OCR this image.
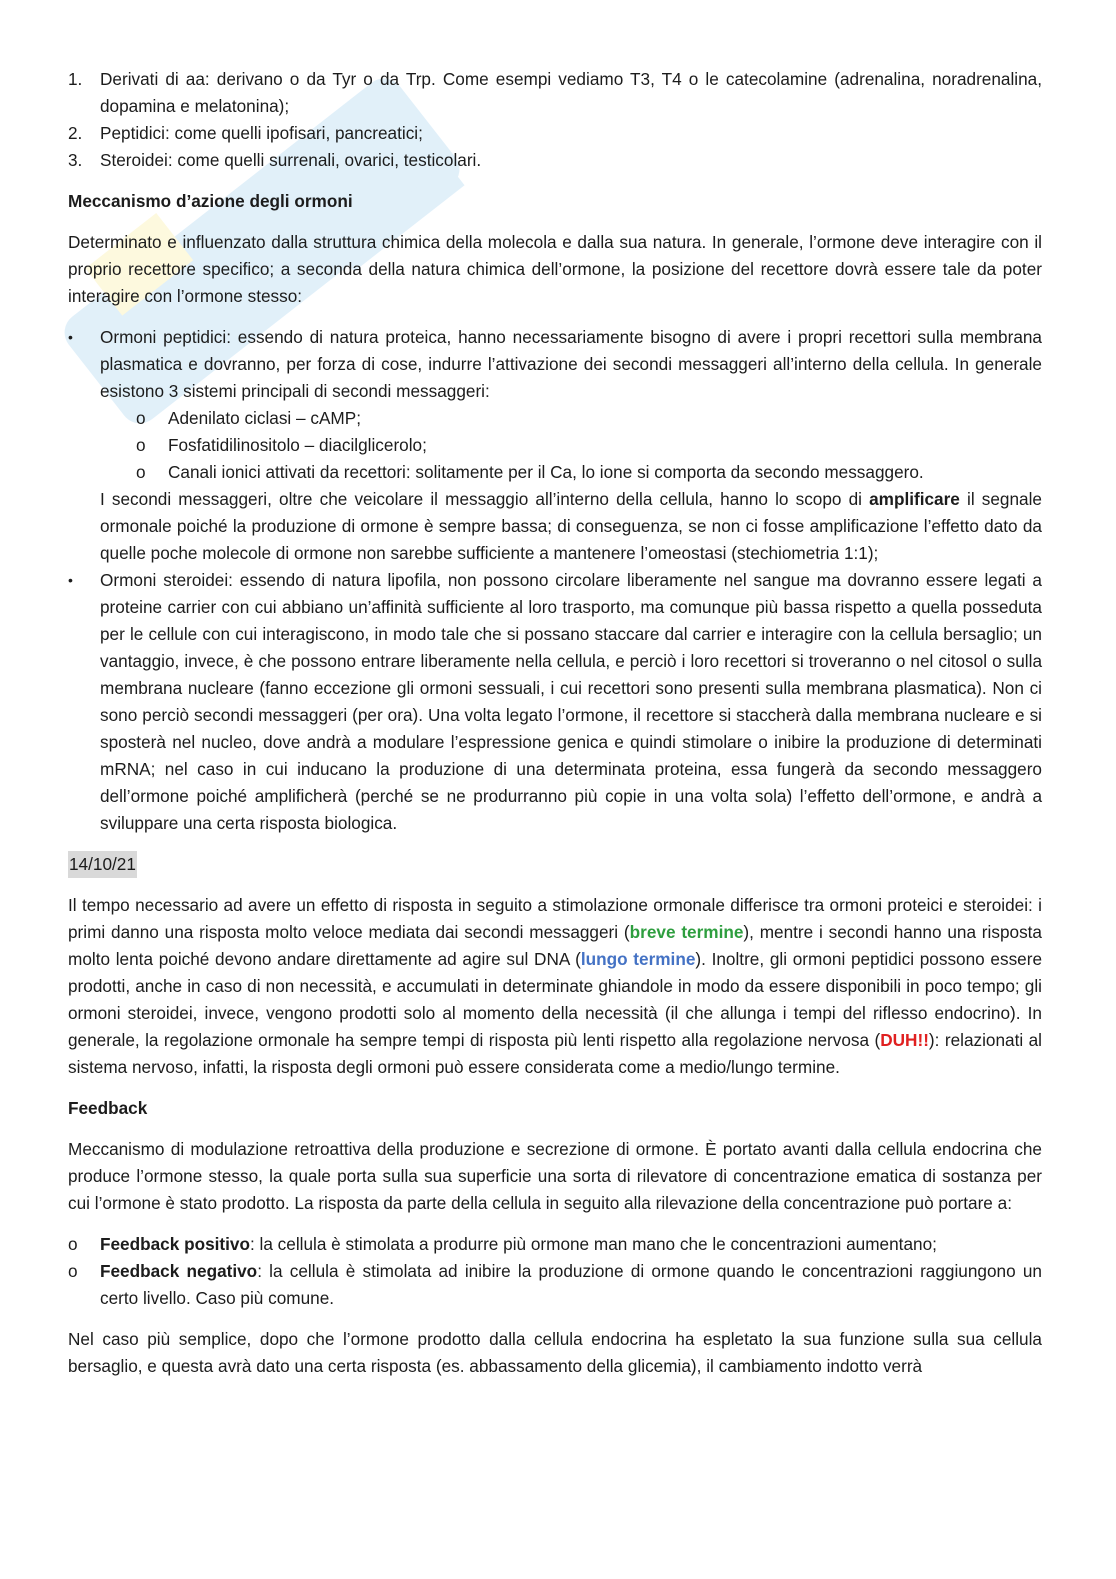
1. Derivati di aa: derivano o da Tyr o da Trp. Come esempi vediamo T3, T4 o le catecolamine (adrenalina, noradrenalina, dopamina e melatonina);
2. Peptidici: come quelli ipofisari, pancreatici;
3. Steroidei: come quelli surrenali, ovarici, testicolari.

Meccanismo d’azione degli ormoni

Determinato e influenzato dalla struttura chimica della molecola e dalla sua natura. In generale, l’ormone deve interagire con il proprio recettore specifico; a seconda della natura chimica dell’ormone, la posizione del recettore dovrà essere tale da poter interagire con l’ormone stesso:

• Ormoni peptidici: essendo di natura proteica, hanno necessariamente bisogno di avere i propri recettori sulla membrana plasmatica e dovranno, per forza di cose, indurre l’attivazione dei secondi messaggeri all’interno della cellula. In generale esistono 3 sistemi principali di secondi messaggeri:

o Adenilato ciclasi – cAMP;
o Fosfatidilinositolo – diacilglicerolo;
o Canali ionici attivati da recettori: solitamente per il Ca, lo ione si comporta da secondo messaggero.

I secondi messaggeri, oltre che veicolare il messaggio all’interno della cellula, hanno lo scopo di amplificare il segnale ormonale poiché la produzione di ormone è sempre bassa; di conseguenza, se non ci fosse amplificazione l’effetto dato da quelle poche molecole di ormone non sarebbe sufficiente a mantenere l’omeostasi (stechiometria 1:1);

• Ormoni steroidei: essendo di natura lipofila, non possono circolare liberamente nel sangue ma dovranno essere legati a proteine carrier con cui abbiano un’affinità sufficiente al loro trasporto, ma comunque più bassa rispetto a quella posseduta per le cellule con cui interagiscono, in modo tale che si possano staccare dal carrier e interagire con la cellula bersaglio; un vantaggio, invece, è che possono entrare liberamente nella cellula, e perciò i loro recettori si troveranno o nel citosol o sulla membrana nucleare (fanno eccezione gli ormoni sessuali, i cui recettori sono presenti sulla membrana plasmatica). Non ci sono perciò secondi messaggeri (per ora). Una volta legato l’ormone, il recettore si staccherà dalla membrana nucleare e si sposterà nel nucleo, dove andrà a modulare l’espressione genica e quindi stimolare o inibire la produzione di determinati mRNA; nel caso in cui inducano la produzione di una determinata proteina, essa fungerà da secondo messaggero dell’ormone poiché amplificherà (perché se ne produrranno più copie in una volta sola) l’effetto dell’ormone, e andrà a sviluppare una certa risposta biologica.

14/10/21

Il tempo necessario ad avere un effetto di risposta in seguito a stimolazione ormonale differisce tra ormoni proteici e steroidei: i primi danno una risposta molto veloce mediata dai secondi messaggeri (breve termine), mentre i secondi hanno una risposta molto lenta poiché devono andare direttamente ad agire sul DNA (lungo termine). Inoltre, gli ormoni peptidici possono essere prodotti, anche in caso di non necessità, e accumulati in determinate ghiandole in modo da essere disponibili in poco tempo; gli ormoni steroidei, invece, vengono prodotti solo al momento della necessità (il che allunga i tempi del riflesso endocrino). In generale, la regolazione ormonale ha sempre tempi di risposta più lenti rispetto alla regolazione nervosa (DUH!!): relazionati al sistema nervoso, infatti, la risposta degli ormoni può essere considerata come a medio/lungo termine.

Feedback

Meccanismo di modulazione retroattiva della produzione e secrezione di ormone. È portato avanti dalla cellula endocrina che produce l’ormone stesso, la quale porta sulla sua superficie una sorta di rilevatore di concentrazione ematica di sostanza per cui l’ormone è stato prodotto. La risposta da parte della cellula in seguito alla rilevazione della concentrazione può portare a:

o Feedback positivo: la cellula è stimolata a produrre più ormone man mano che le concentrazioni aumentano;
o Feedback negativo: la cellula è stimolata ad inibire la produzione di ormone quando le concentrazioni raggiungono un certo livello. Caso più comune.

Nel caso più semplice, dopo che l’ormone prodotto dalla cellula endocrina ha espletato la sua funzione sulla sua cellula bersaglio, e questa avrà dato una certa risposta (es. abbassamento della glicemia), il cambiamento indotto verrà
